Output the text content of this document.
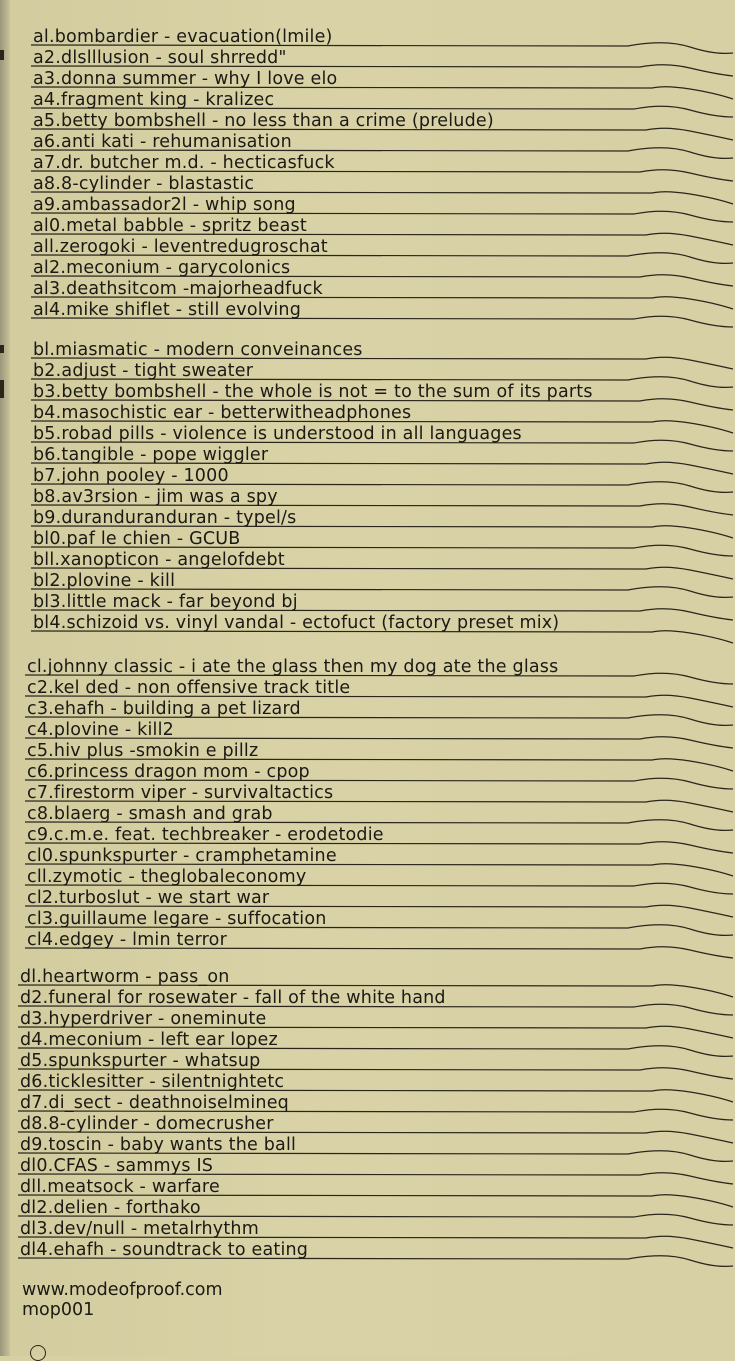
al.bombardier - evacuation(lmile)
a2.dlslllusion - soul shrredd"
a3.donna summer - why I love elo
a4.fragment king - kralizec
a5.betty bombshell - no less than a crime (prelude)
a6.anti kati - rehumanisation
a7.dr. butcher m.d. - hecticasfuck
a8.8-cylinder - blastastic
a9.ambassador2l - whip song
al0.metal babble - spritz beast
all.zerogoki - leventredugroschat
al2.meconium - garycolonics
al3.deathsitcom -majorheadfuck
al4.mike shiflet - still evolving
bl.miasmatic - modern conveinances
b2.adjust - tight sweater
b3.betty bombshell - the whole is not = to the sum of its parts
b4.masochistic ear - betterwitheadphones
b5.robad pills - violence is understood in all languages
b6.tangible - pope wiggler
b7.john pooley - 1000
b8.av3rsion - jim was a spy
b9.duranduranduran - typel/s
bl0.paf le chien - GCUB
bll.xanopticon - angelofdebt
bl2.plovine - kill
bl3.little mack - far beyond bj
bl4.schizoid vs. vinyl vandal - ectofuct (factory preset mix)
cl.johnny classic - i ate the glass then my dog ate the glass
c2.kel ded - non offensive track title
c3.ehafh - building a pet lizard
c4.plovine - kill2
c5.hiv plus -smokin e pillz
c6.princess dragon mom - cpop
c7.firestorm viper - survivaltactics
c8.blaerg - smash and grab
c9.c.m.e. feat. techbreaker - erodetodie
cl0.spunkspurter - cramphetamine
cll.zymotic - theglobaleconomy
cl2.turboslut - we start war
cl3.guillaume legare - suffocation
cl4.edgey - lmin terror
dl.heartworm - pass_on
d2.funeral for rosewater - fall of the white hand
d3.hyperdriver - oneminute
d4.meconium - left ear lopez
d5.spunkspurter - whatsup
d6.ticklesitter - silentnightetc
d7.di_sect - deathnoiselmineq
d8.8-cylinder - domecrusher
d9.toscin - baby wants the ball
dl0.CFAS - sammys IS
dll.meatsock - warfare
dl2.delien - forthako
dl3.dev/null - metalrhythm
dl4.ehafh - soundtrack to eating
www.modeofproof.com
mop001
